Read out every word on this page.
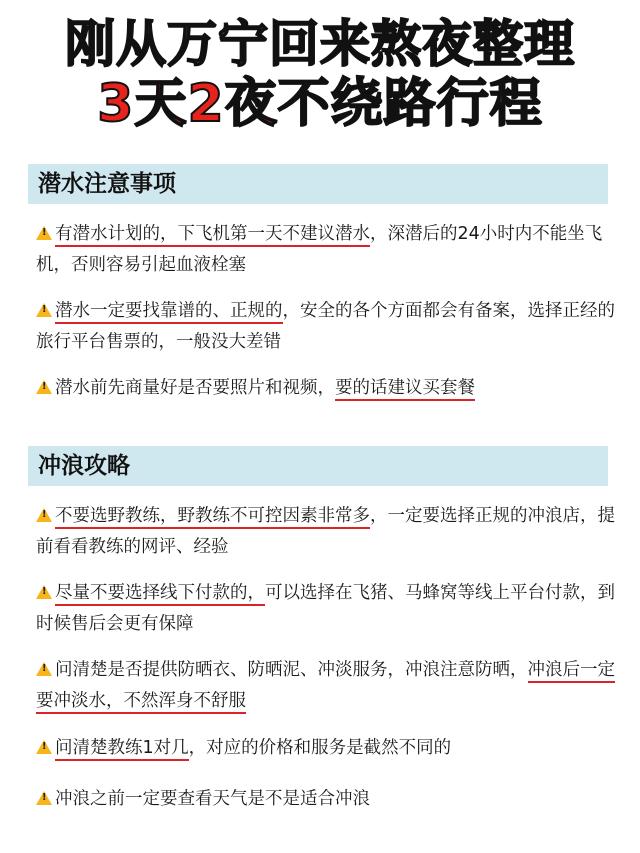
刚从万宁回来熬夜整理
3天2夜不绕路行程
潜水注意事项
!有潜水计划的，下飞机第一天不建议潜水，深潜后的24小时内不能坐飞机，否则容易引起血液栓塞
!潜水一定要找靠谱的、正规的，安全的各个方面都会有备案，选择正经的旅行平台售票的，一般没大差错
!潜水前先商量好是否要照片和视频，要的话建议买套餐
冲浪攻略
!不要选野教练，野教练不可控因素非常多，一定要选择正规的冲浪店，提前看看教练的网评、经验
!尽量不要选择线下付款的，可以选择在飞猪、马蜂窝等线上平台付款，到时候售后会更有保障
!问清楚是否提供防晒衣、防晒泥、冲淡服务，冲浪注意防晒，冲浪后一定要冲淡水，不然浑身不舒服
!问清楚教练1对几，对应的价格和服务是截然不同的
!冲浪之前一定要查看天气是不是适合冲浪
